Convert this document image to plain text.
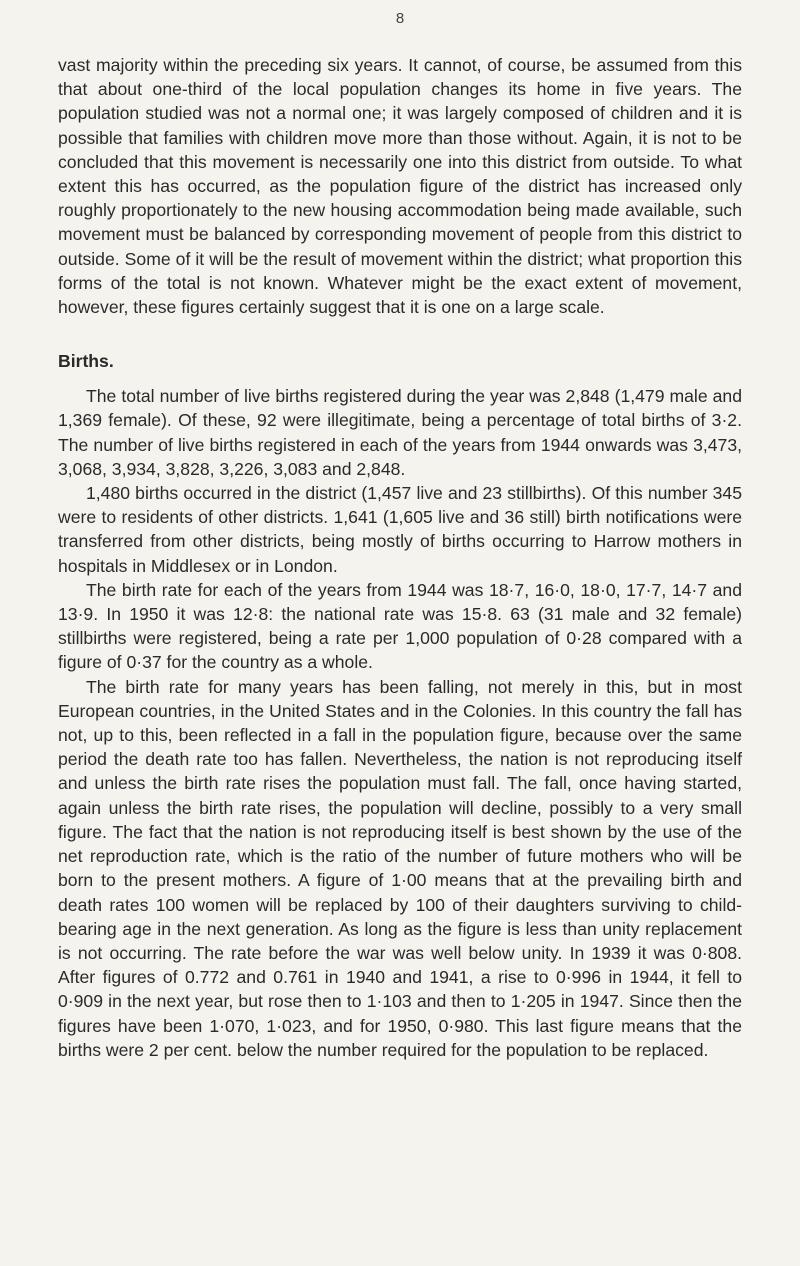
8

vast majority within the preceding six years. It cannot, of course, be assumed from this that about one-third of the local population changes its home in five years. The population studied was not a normal one; it was largely composed of children and it is possible that families with children move more than those without. Again, it is not to be concluded that this movement is necessarily one into this district from outside. To what extent this has occurred, as the population figure of the district has increased only roughly proportionately to the new housing accommodation being made available, such movement must be balanced by corresponding movement of people from this district to outside. Some of it will be the result of movement within the district; what proportion this forms of the total is not known. Whatever might be the exact extent of movement, however, these figures certainly suggest that it is one on a large scale.

Births.

The total number of live births registered during the year was 2,848 (1,479 male and 1,369 female). Of these, 92 were illegitimate, being a percentage of total births of 3·2. The number of live births registered in each of the years from 1944 onwards was 3,473, 3,068, 3,934, 3,828, 3,226, 3,083 and 2,848.

1,480 births occurred in the district (1,457 live and 23 stillbirths). Of this number 345 were to residents of other districts. 1,641 (1,605 live and 36 still) birth notifications were transferred from other districts, being mostly of births occurring to Harrow mothers in hospitals in Middlesex or in London.

The birth rate for each of the years from 1944 was 18·7, 16·0, 18·0, 17·7, 14·7 and 13·9. In 1950 it was 12·8: the national rate was 15·8. 63 (31 male and 32 female) stillbirths were registered, being a rate per 1,000 population of 0·28 compared with a figure of 0·37 for the country as a whole.

The birth rate for many years has been falling, not merely in this, but in most European countries, in the United States and in the Colonies. In this country the fall has not, up to this, been reflected in a fall in the population figure, because over the same period the death rate too has fallen. Nevertheless, the nation is not reproducing itself and unless the birth rate rises the population must fall. The fall, once having started, again unless the birth rate rises, the population will decline, possibly to a very small figure. The fact that the nation is not reproducing itself is best shown by the use of the net reproduction rate, which is the ratio of the number of future mothers who will be born to the present mothers. A figure of 1·00 means that at the prevailing birth and death rates 100 women will be replaced by 100 of their daughters surviving to child-bearing age in the next generation. As long as the figure is less than unity replacement is not occurring. The rate before the war was well below unity. In 1939 it was 0·808. After figures of 0.772 and 0.761 in 1940 and 1941, a rise to 0·996 in 1944, it fell to 0·909 in the next year, but rose then to 1·103 and then to 1·205 in 1947. Since then the figures have been 1·070, 1·023, and for 1950, 0·980. This last figure means that the births were 2 per cent. below the number required for the population to be replaced.
